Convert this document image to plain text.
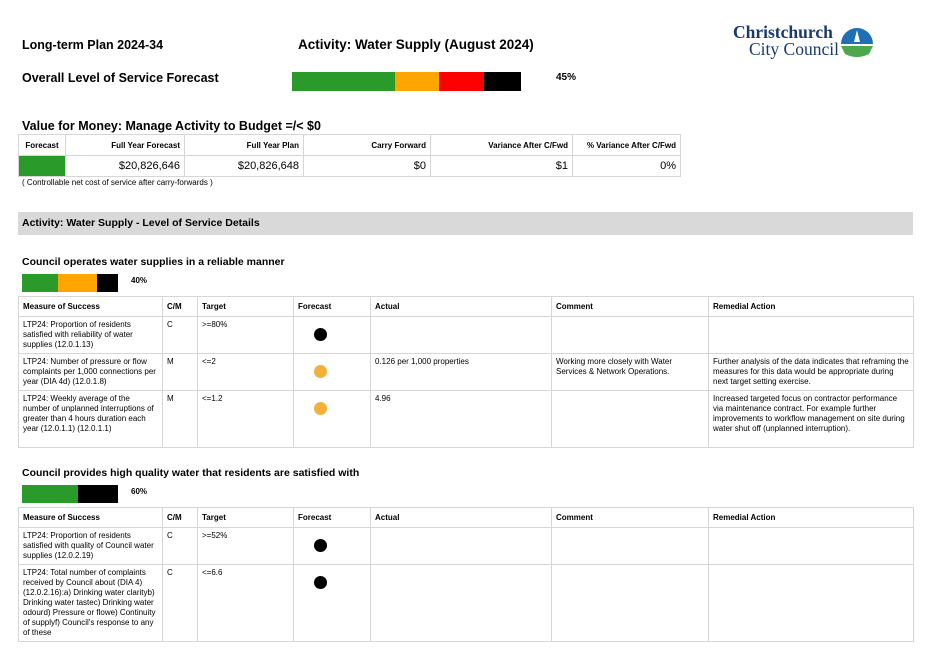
Long-term Plan 2024-34	Activity: Water Supply (August 2024)
Christchurch
City Council
Overall Level of Service Forecast	45%
Value for Money: Manage Activity to Budget =/< $0
Forecast	Full Year Forecast	Full Year Plan	Carry Forward	Variance After C/Fwd	% Variance After C/Fwd

	$20,826,646	$20,826,648	$0	$1	0%
( Controllable net cost of service after carry-forwards )
Activity: Water Supply - Level of Service Details
Council operates water supplies in a reliable manner
40%
Measure of Success	C/M	Target	Forecast	Actual	Comment	Remedial Action
LTP24: Proportion of residents satisfied with reliability of water supplies (12.0.1.13)	C	>=80%	

LTP24: Number of pressure or flow complaints per 1,000 connections per year (DIA 4d) (12.0.1.8)	M	<=2		0.126 per 1,000 properties	Working more closely with Water Services & Network Operations.	Further analysis of the data indicates that reframing the measures for this data would be appropriate during next target setting exercise.
LTP24: Weekly average of the number of unplanned interruptions of greater than 4 hours duration each year (12.0.1.1) (12.0.1.1)	M	<=1.2		4.96		Increased targeted focus on contractor performance via maintenance contract. For example further improvements to workflow management on site during water shut off (unplanned interruption).
Council provides high quality water that residents are satisfied with
60%
Measure of Success	C/M	Target	Forecast	Actual	Comment	Remedial Action
LTP24: Proportion of residents satisfied with quality of Council water supplies (12.0.2.19)	C	>=52%	

LTP24: Total number of complaints received by Council about (DIA 4) (12.0.2.16):a) Drinking water clarityb) Drinking water tastec) Drinking water odourd) Pressure or flowe) Continuity of supplyf) Council's response to any of these	C	<=6.6	
